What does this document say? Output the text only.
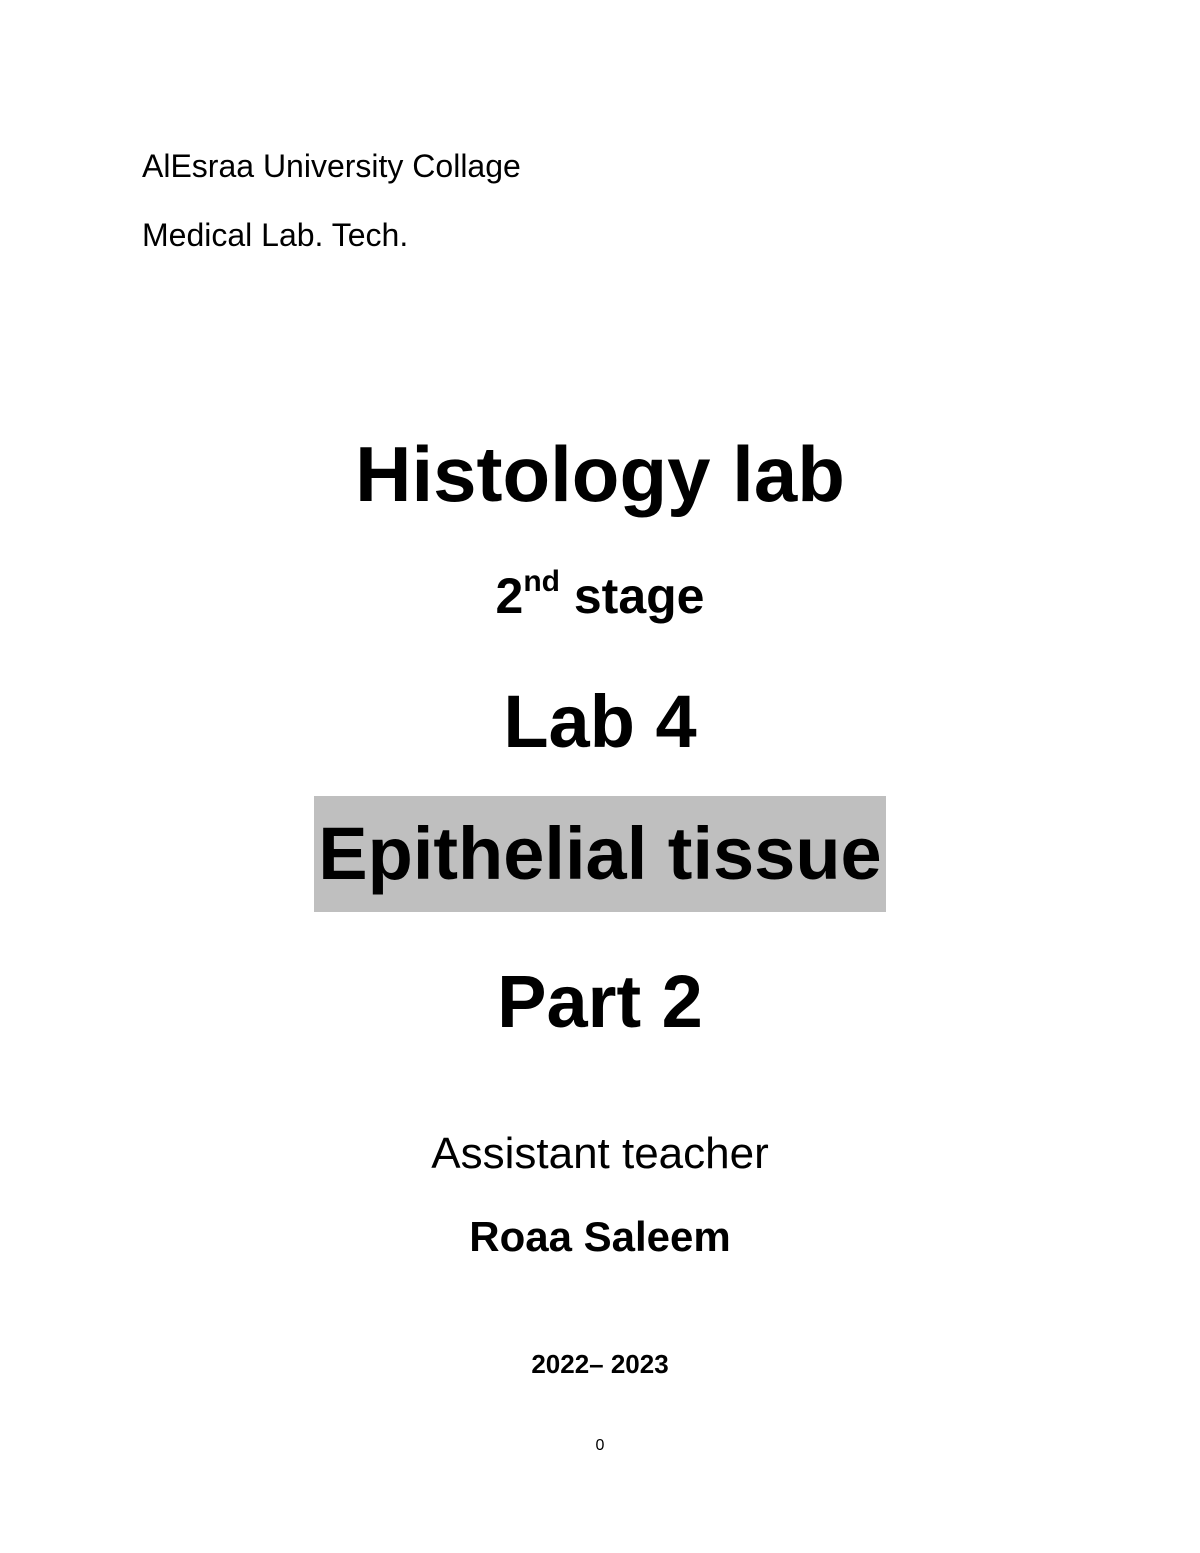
AlEsraa University Collage
Medical Lab. Tech.
Histology lab
2nd stage
Lab 4
Epithelial tissue
Part 2
Assistant teacher
Roaa Saleem
2022– 2023
0
